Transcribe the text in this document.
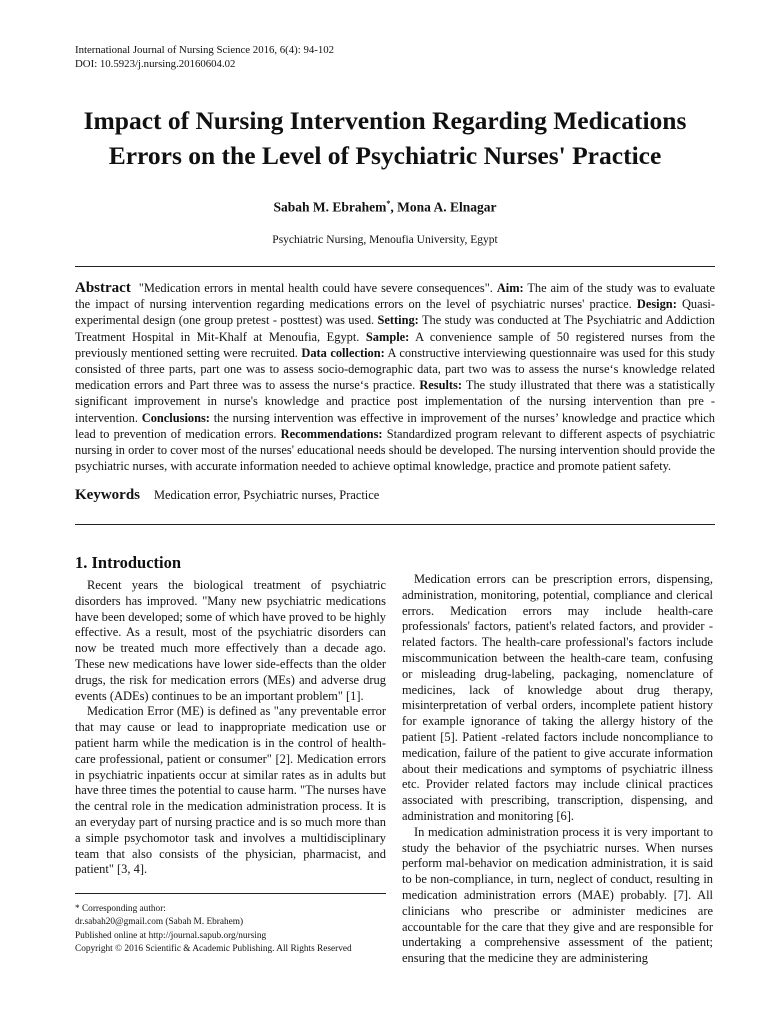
International Journal of Nursing Science 2016, 6(4): 94-102
DOI: 10.5923/j.nursing.20160604.02
Impact of Nursing Intervention Regarding Medications
Errors on the Level of Psychiatric Nurses' Practice
Sabah M. Ebrahem*, Mona A. Elnagar
Psychiatric Nursing, Menoufia University, Egypt
Abstract "Medication errors in mental health could have severe consequences". Aim: The aim of the study was to evaluate the impact of nursing intervention regarding medications errors on the level of psychiatric nurses' practice. Design: Quasi-experimental design (one group pretest - posttest) was used. Setting: The study was conducted at The Psychiatric and Addiction Treatment Hospital in Mit-Khalf at Menoufia, Egypt. Sample: A convenience sample of 50 registered nurses from the previously mentioned setting were recruited. Data collection: A constructive interviewing questionnaire was used for this study consisted of three parts, part one was to assess socio-demographic data, part two was to assess the nurse‘s knowledge related medication errors and Part three was to assess the nurse‘s practice. Results: The study illustrated that there was a statistically significant improvement in nurse's knowledge and practice post implementation of the nursing intervention than pre - intervention. Conclusions: the nursing intervention was effective in improvement of the nurses’ knowledge and practice which lead to prevention of medication errors. Recommendations: Standardized program relevant to different aspects of psychiatric nursing in order to cover most of the nurses' educational needs should be developed. The nursing intervention should provide the psychiatric nurses, with accurate information needed to achieve optimal knowledge, practice and promote patient safety.
Keywords Medication error, Psychiatric nurses, Practice
1. Introduction

Recent years the biological treatment of psychiatric disorders has improved. "Many new psychiatric medications have been developed; some of which have proved to be highly effective. As a result, most of the psychiatric disorders can now be treated much more effectively than a decade ago. These new medications have lower side-effects than the older drugs, the risk for medication errors (MEs) and adverse drug events (ADEs) continues to be an important problem" [1].

Medication Error (ME) is defined as "any preventable error that may cause or lead to inappropriate medication use or patient harm while the medication is in the control of health-care professional, patient or consumer" [2]. Medication errors in psychiatric inpatients occur at similar rates as in adults but have three times the potential to cause harm. "The nurses have the central role in the medication administration process. It is an everyday part of nursing practice and is so much more than a simple psychomotor task and involves a multidisciplinary team that also consists of the physician, pharmacist, and patient" [3, 4].

Medication errors can be prescription errors, dispensing, administration, monitoring, potential, compliance and clerical errors. Medication errors may include health-care professionals' factors, patient's related factors, and provider -related factors. The health-care professional's factors include miscommunication between the health-care team, confusing or misleading drug-labeling, packaging, nomenclature of medicines, lack of knowledge about drug therapy, misinterpretation of verbal orders, incomplete patient history for example ignorance of taking the allergy history of the patient [5]. Patient -related factors include noncompliance to medication, failure of the patient to give accurate information about their medications and symptoms of psychiatric illness etc. Provider related factors may include clinical practices associated with prescribing, transcription, dispensing, and administration and monitoring [6].

In medication administration process it is very important to study the behavior of the psychiatric nurses. When nurses perform mal-behavior on medication administration, it is said to be non-compliance, in turn, neglect of conduct, resulting in medication administration errors (MAE) probably. [7]. All clinicians who prescribe or administer medicines are accountable for the care that they give and are responsible for undertaking a comprehensive assessment of the patient; ensuring that the medicine they are administering

* Corresponding author:
dr.sabah20@gmail.com (Sabah M. Ebrahem)
Published online at http://journal.sapub.org/nursing
Copyright © 2016 Scientific & Academic Publishing. All Rights Reserved
